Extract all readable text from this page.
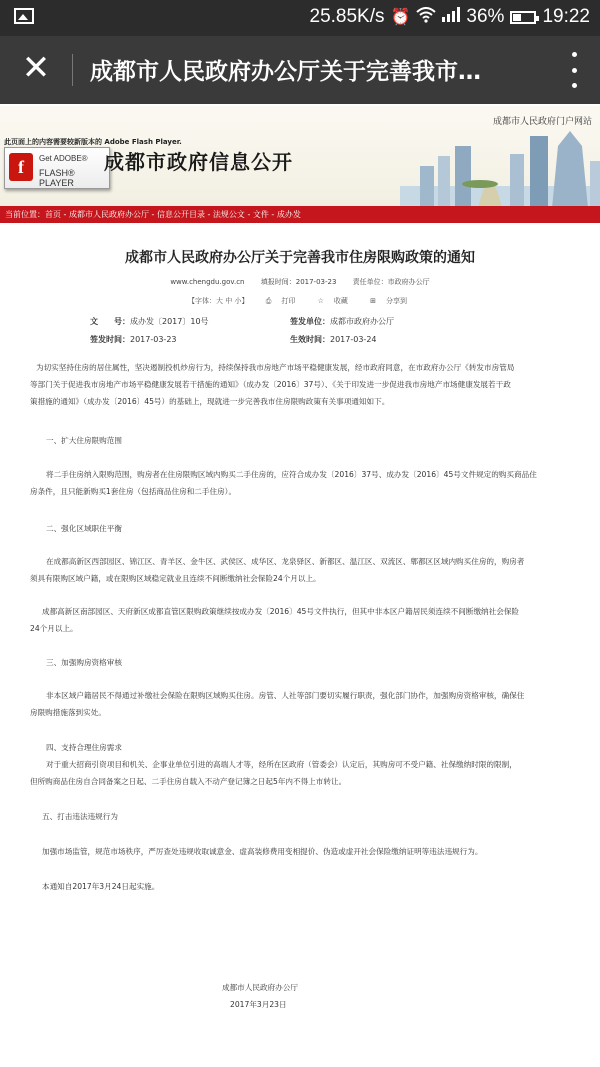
25.85K/s ⏰	36% 19:22
✕ 成都市人民政府办公厅关于完善我市…
成都市人民政府门户网站
此页面上的内容需要较新版本的 Adobe Flash Player.
f	Get ADOBE®
FLASH® PLAYER
成都市政府信息公开
当前位置：首页 - 成都市人民政府办公厅 - 信息公开目录 - 法规公文 - 文件 - 成办发
成都市人民政府办公厅关于完善我市住房限购政策的通知
www.chengdu.gov.cn 填报时间：2017-03-23 责任单位：市政府办公厅
【字体：大 中 小】 ⎙ 打印	☆ 收藏	⊞ 分享到
文　　号：成办发〔2017〕10号	签发单位：成都市政府办公厅
签发时间：2017-03-23	生效时间：2017-03-24
为切实坚持住房的居住属性，坚决遏制投机炒房行为，持续保持我市房地产市场平稳健康发展，经市政府同意，在市政府办公厅《转发市房管局
等部门关于促进我市房地产市场平稳健康发展若干措施的通知》（成办发〔2016〕37号）、《关于印发进一步促进我市房地产市场健康发展若干政
策措施的通知》（成办发〔2016〕45号）的基础上，现就进一步完善我市住房限购政策有关事项通知如下。
一、扩大住房限购范围
将二手住房纳入限购范围，购房者在住房限购区域内购买二手住房的，应符合成办发〔2016〕37号、成办发〔2016〕45号文件规定的购买商品住
房条件，且只能新购买1套住房（包括商品住房和二手住房）。
二、强化区域职住平衡
在成都高新区西部园区、锦江区、青羊区、金牛区、武侯区、成华区、龙泉驿区、新都区、温江区、双流区、郫都区区域内购买住房的，购房者
须具有限购区域户籍，或在限购区域稳定就业且连续不间断缴纳社会保险24个月以上。
成都高新区南部园区、天府新区成都直管区限购政策继续按成办发〔2016〕45号文件执行，但其中非本区户籍居民须连续不间断缴纳社会保险
24个月以上。
三、加强购房资格审核
非本区域户籍居民不得通过补缴社会保险在限购区域购买住房。房管、人社等部门要切实履行职责，强化部门协作，加强购房资格审核，确保住
房限购措施落到实处。
四、支持合理住房需求
对于重大招商引资项目和机关、企事业单位引进的高端人才等，经所在区政府（管委会）认定后，其购房可不受户籍、社保缴纳时限的限制，
但所购商品住房自合同备案之日起、二手住房自载入不动产登记簿之日起5年内不得上市转让。
五、打击违法违规行为
加强市场监管，规范市场秩序，严厉查处违规收取诚意金、虚高装修费用变相提价、伪造或虚开社会保险缴纳证明等违法违规行为。
本通知自2017年3月24日起实施。
成都市人民政府办公厅
2017年3月23日
